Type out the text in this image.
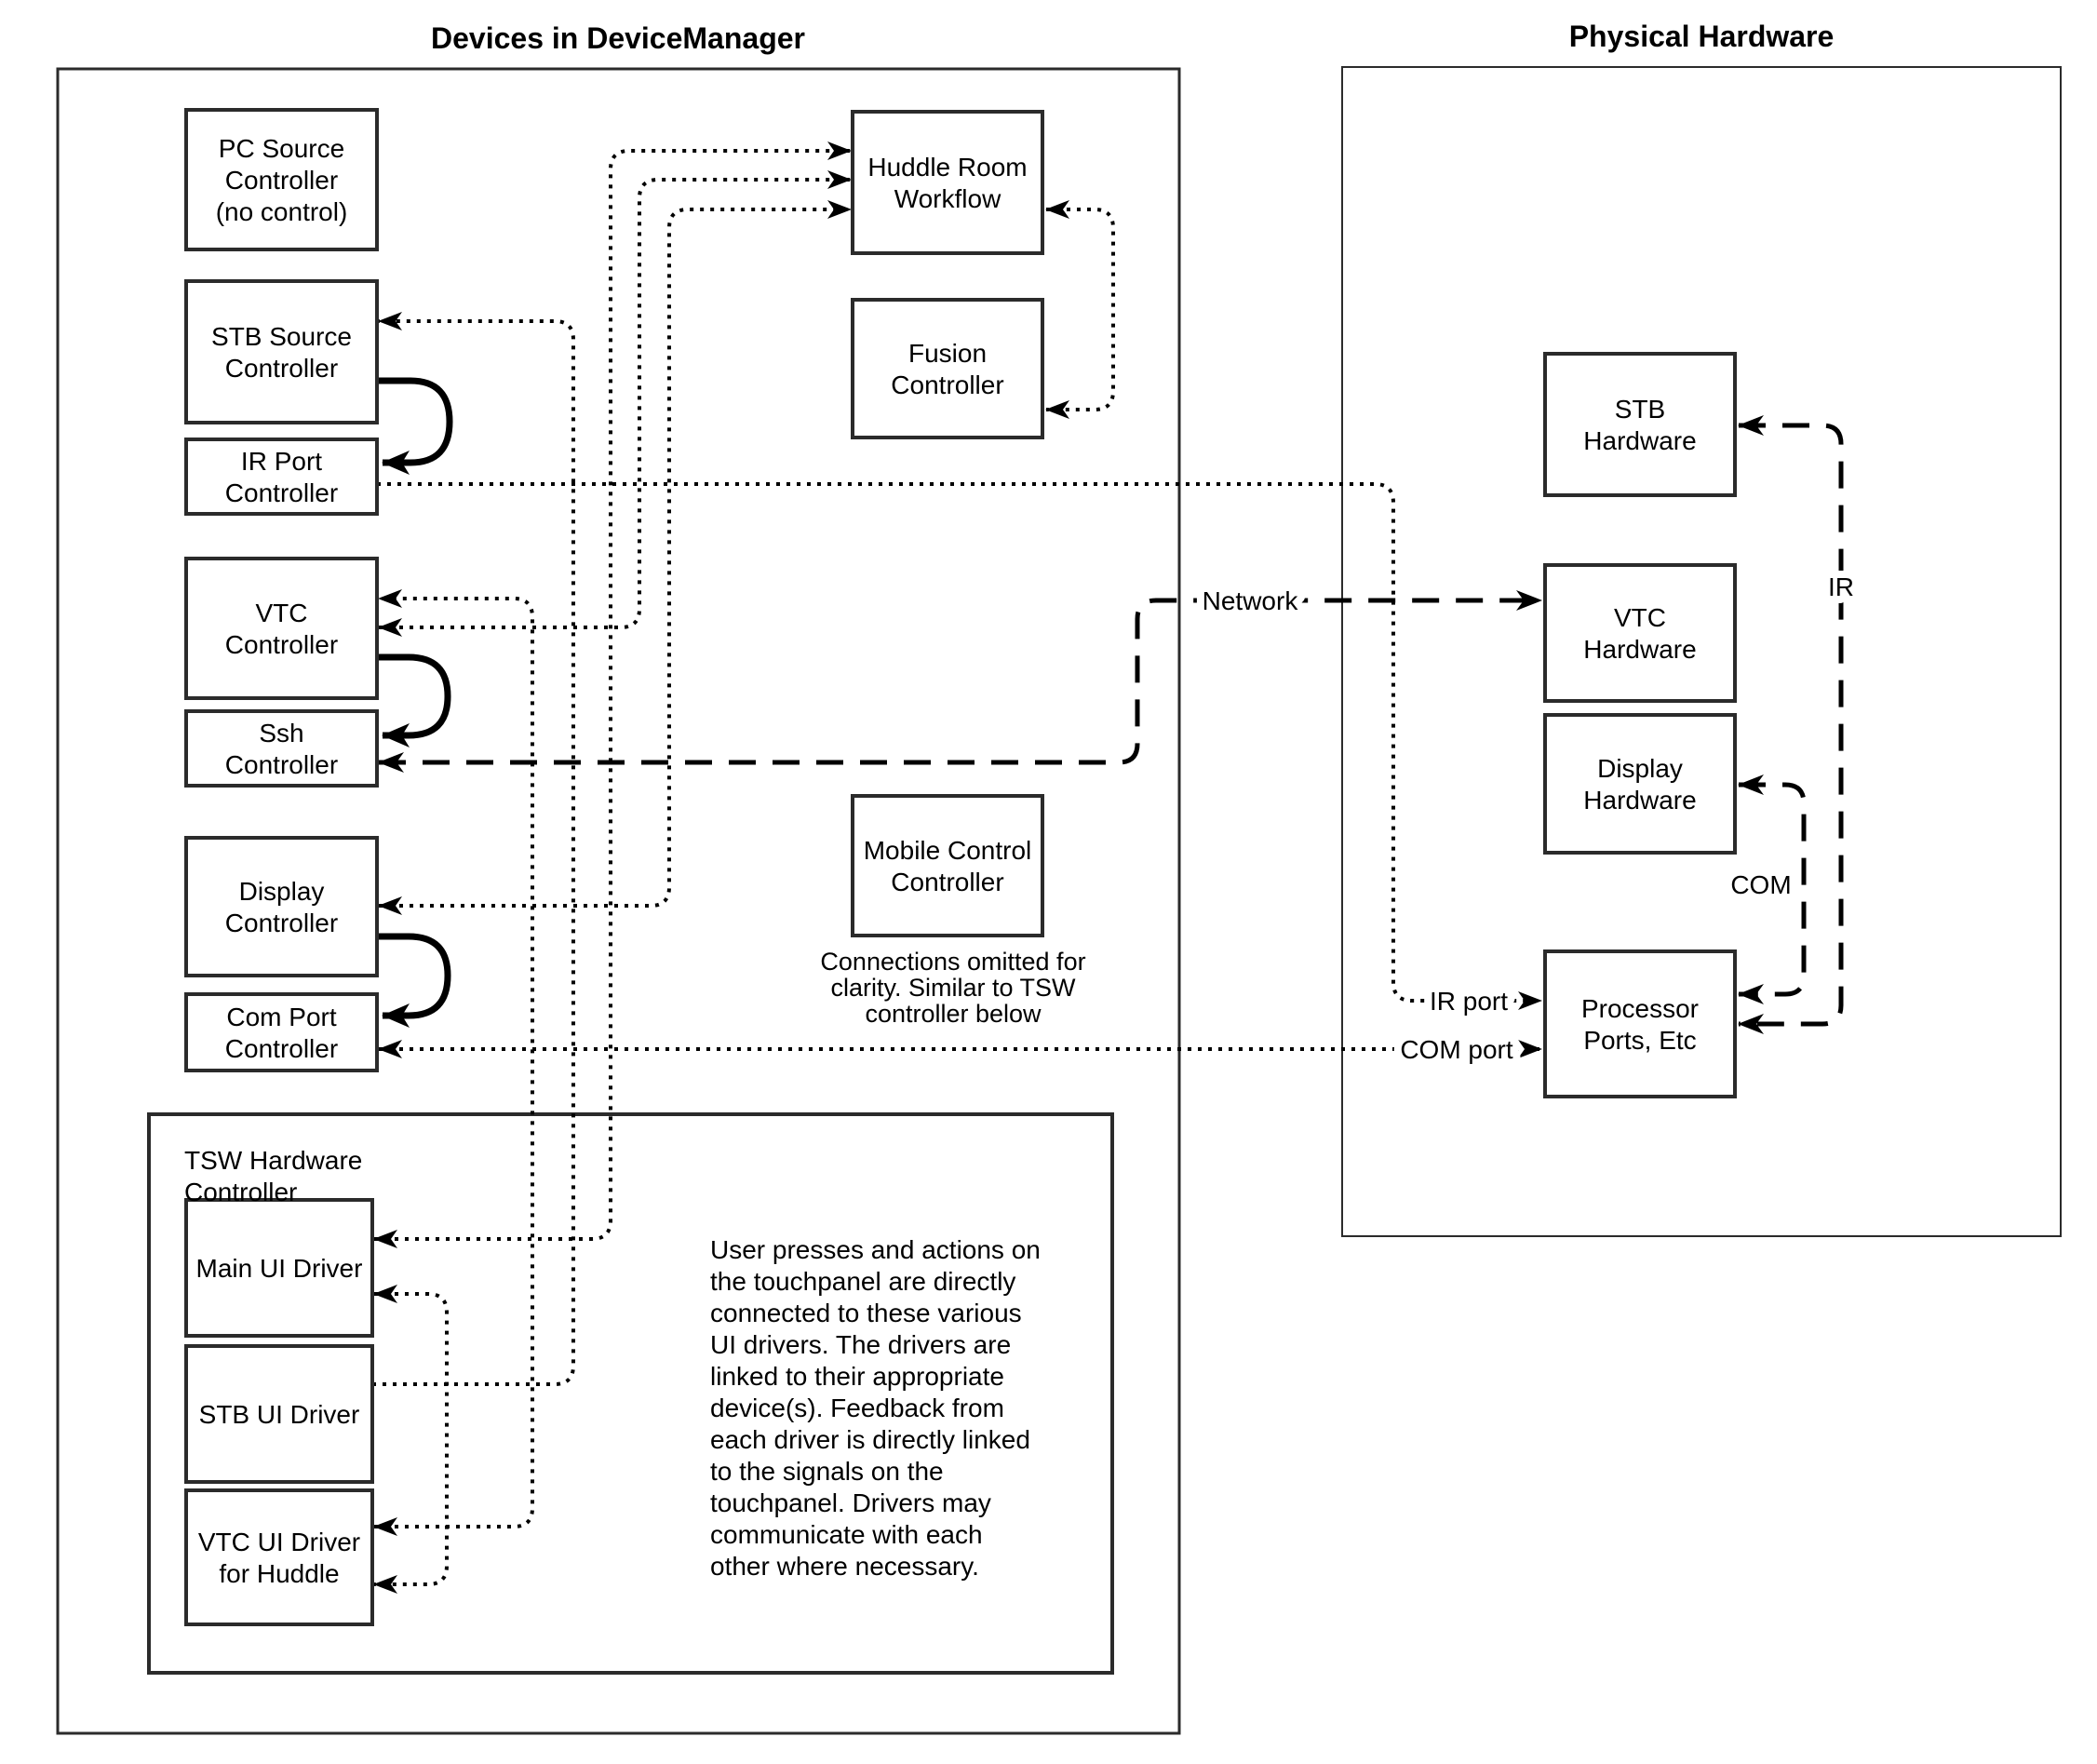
PC Source
Controller
(no control)
STB Source
Controller
IR Port
Controller
VTC
Controller
Ssh
Controller
Display
Controller
Com Port
Controller
Huddle Room
Workflow
Fusion
Controller
Mobile Control
Controller
Main UI Driver
STB UI Driver
VTC UI Driver
for Huddle
STB
Hardware
VTC
Hardware
Display
Hardware
Processor
Ports, Etc
Devices in DeviceManager	Physical Hardware
TSW Hardware
Controller
Network
IR port
COM port
IR
COM
Connections omitted for
clarity. Similar to TSW
controller below
User presses and actions on
the touchpanel are directly
connected to these various
UI drivers. The drivers are
linked to their appropriate
device(s). Feedback from
each driver is directly linked
to the signals on the
touchpanel. Drivers may
communicate with each
other where necessary.
